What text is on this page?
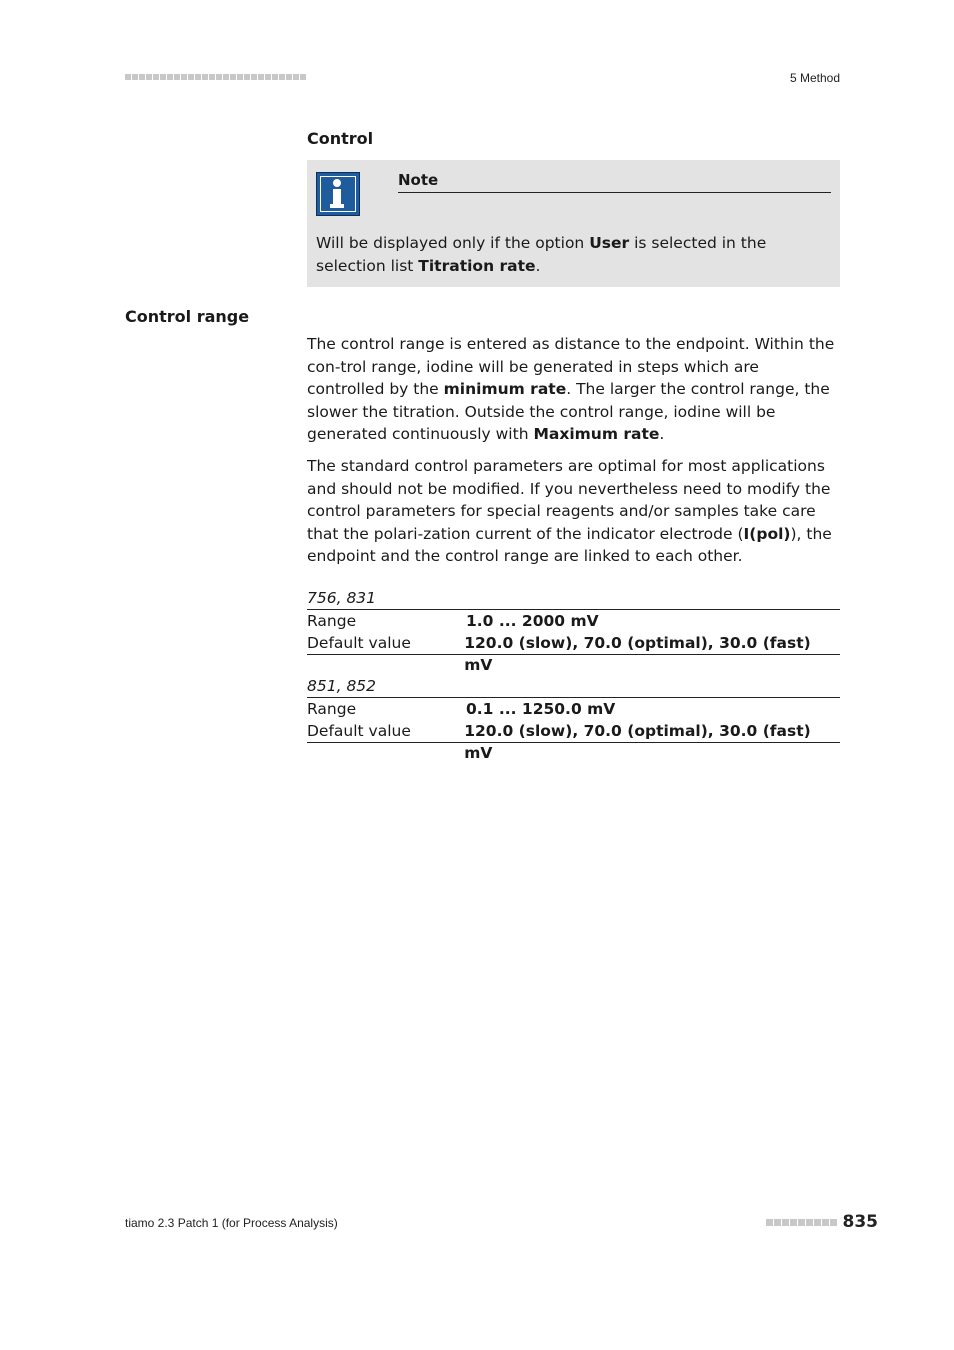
5 Method
Control
Note
Will be displayed only if the option User is selected in the selection list Titration rate.
Control range
The control range is entered as distance to the endpoint. Within the con-trol range, iodine will be generated in steps which are controlled by the minimum rate. The larger the control range, the slower the titration. Outside the control range, iodine will be generated continuously with Maximum rate.
The standard control parameters are optimal for most applications and should not be modified. If you nevertheless need to modify the control parameters for special reagents and/or samples take care that the polari-zation current of the indicator electrode (I(pol)), the endpoint and the control range are linked to each other.
756, 831
Range	1.0 ... 2000 mV
Default value	120.0 (slow), 70.0 (optimal), 30.0 (fast) mV
851, 852
Range	0.1 ... 1250.0 mV
Default value	120.0 (slow), 70.0 (optimal), 30.0 (fast) mV
tiamo 2.3 Patch 1 (for Process Analysis)	835
